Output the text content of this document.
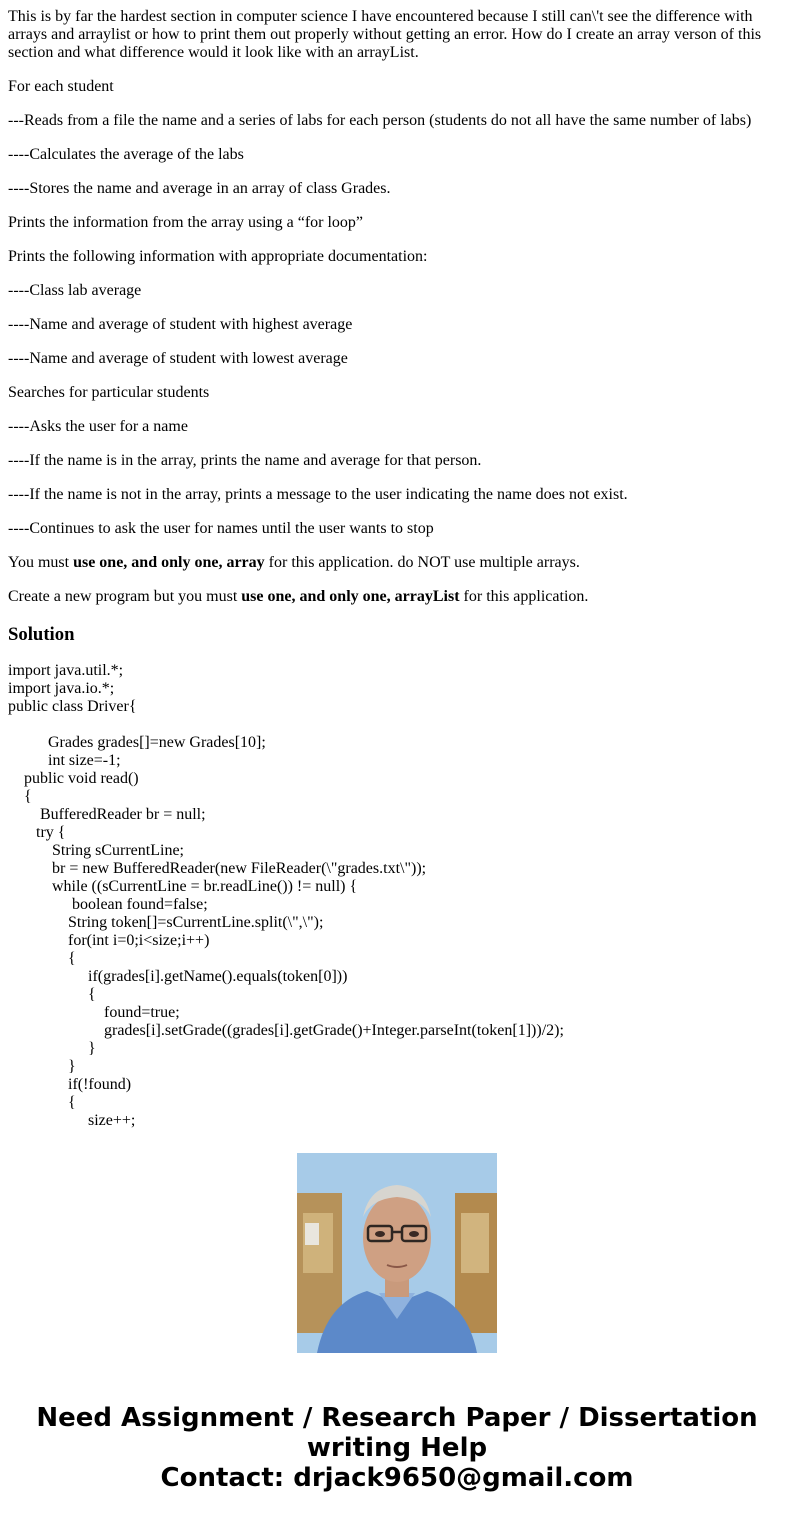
This is by far the hardest section in computer science I have encountered because I still can\'t see the difference with arrays and arraylist or how to print them out properly without getting an error. How do I create an array verson of this section and what difference would it look like with an arrayList.

For each student

---Reads from a file the name and a series of labs for each person (students do not all have the same number of labs)

----Calculates the average of the labs

----Stores the name and average in an array of class Grades.

Prints the information from the array using a “for loop”

Prints the following information with appropriate documentation:

----Class lab average

----Name and average of student with highest average

----Name and average of student with lowest average

Searches for particular students

----Asks the user for a name

----If the name is in the array, prints the name and average for that person.

----If the name is not in the array, prints a message to the user indicating the name does not exist.

----Continues to ask the user for names until the user wants to stop

You must use one, and only one, array for this application. do NOT use multiple arrays.

Create a new program but you must use one, and only one, arrayList for this application.

Solution
import java.util.*;
import java.io.*;
public class Driver{
Grades grades[]=new Grades[10];
int size=-1;
public void read()
{
BufferedReader br = null;
try {
String sCurrentLine;
br = new BufferedReader(new FileReader(\"grades.txt\"));
while ((sCurrentLine = br.readLine()) != null) {
boolean found=false;
String token[]=sCurrentLine.split(\",\");
for(int i=0;i<size;i++)
{
if(grades[i].getName().equals(token[0]))
{
found=true;
grades[i].setGrade((grades[i].getGrade()+Integer.parseInt(token[1]))/2);
}
}
if(!found)
{
size++;
Need Assignment / Research Paper / Dissertation
writing Help
Contact: drjack9650@gmail.com
